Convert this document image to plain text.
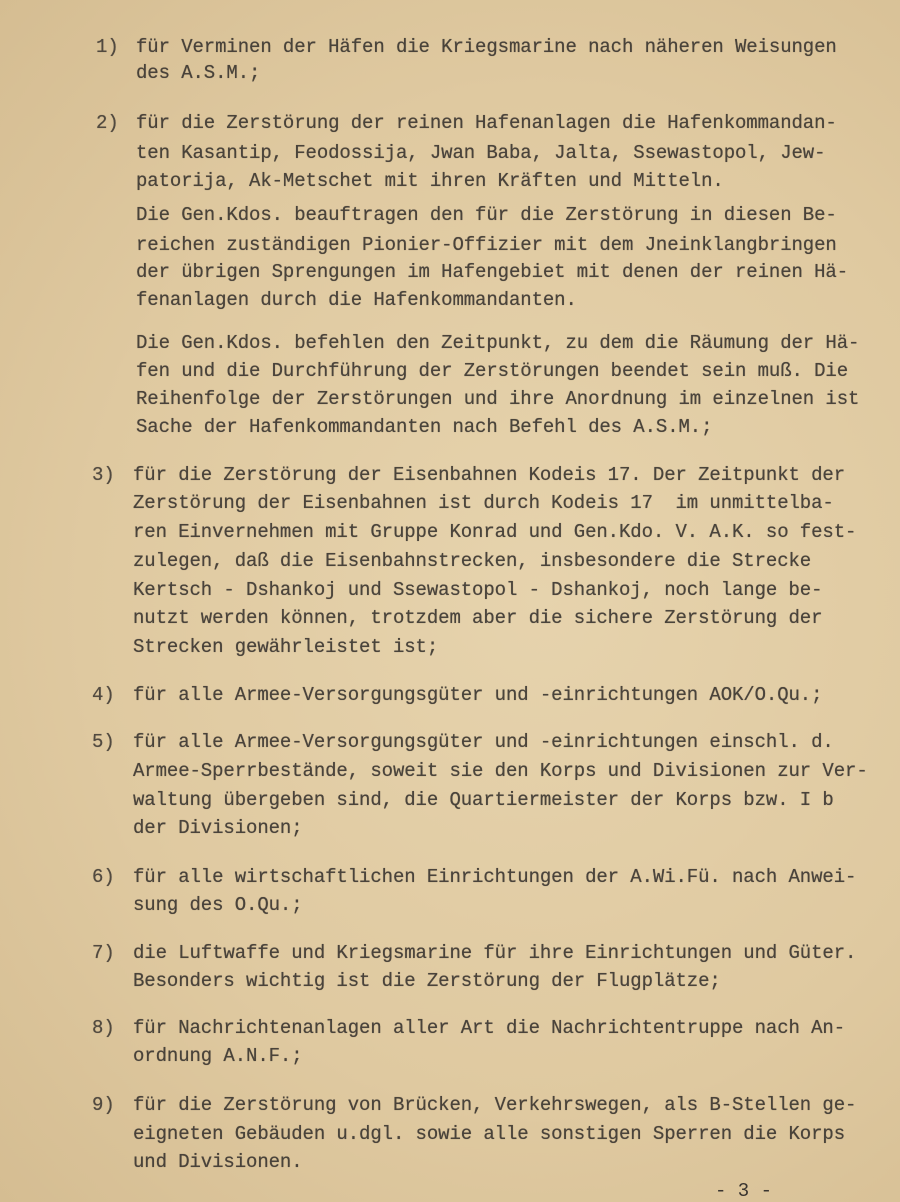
1) für Verminen der Häfen die Kriegsmarine nach näheren Weisungen
des A.S.M.;
2) für die Zerstörung der reinen Hafenanlagen die Hafenkommandan-
ten Kasantip, Feodossija, Jwan Baba, Jalta, Ssewastopol, Jew-
patorija, Ak-Metschet mit ihren Kräften und Mitteln.
Die Gen.Kdos. beauftragen den für die Zerstörung in diesen Be-
reichen zuständigen Pionier-Offizier mit dem Jneinklangbringen
der übrigen Sprengungen im Hafengebiet mit denen der reinen Hä-
fenanlagen durch die Hafenkommandanten.
Die Gen.Kdos. befehlen den Zeitpunkt, zu dem die Räumung der Hä-
fen und die Durchführung der Zerstörungen beendet sein muß. Die
Reihenfolge der Zerstörungen und ihre Anordnung im einzelnen ist
Sache der Hafenkommandanten nach Befehl des A.S.M.;
3) für die Zerstörung der Eisenbahnen Kodeis 17. Der Zeitpunkt der
Zerstörung der Eisenbahnen ist durch Kodeis 17  im unmittelba-
ren Einvernehmen mit Gruppe Konrad und Gen.Kdo. V. A.K. so fest-
zulegen, daß die Eisenbahnstrecken, insbesondere die Strecke
Kertsch - Dshankoj und Ssewastopol - Dshankoj, noch lange be-
nutzt werden können, trotzdem aber die sichere Zerstörung der
Strecken gewährleistet ist;
4) für alle Armee-Versorgungsgüter und -einrichtungen AOK/O.Qu.;
5) für alle Armee-Versorgungsgüter und -einrichtungen einschl. d.
Armee-Sperrbestände, soweit sie den Korps und Divisionen zur Ver-
waltung übergeben sind, die Quartiermeister der Korps bzw. I b
der Divisionen;
6) für alle wirtschaftlichen Einrichtungen der A.Wi.Fü. nach Anwei-
sung des O.Qu.;
7) die Luftwaffe und Kriegsmarine für ihre Einrichtungen und Güter.
Besonders wichtig ist die Zerstörung der Flugplätze;
8) für Nachrichtenanlagen aller Art die Nachrichtentruppe nach An-
ordnung A.N.F.;
9) für die Zerstörung von Brücken, Verkehrswegen, als B-Stellen ge-
eigneten Gebäuden u.dgl. sowie alle sonstigen Sperren die Korps
und Divisionen.
- 3 -
